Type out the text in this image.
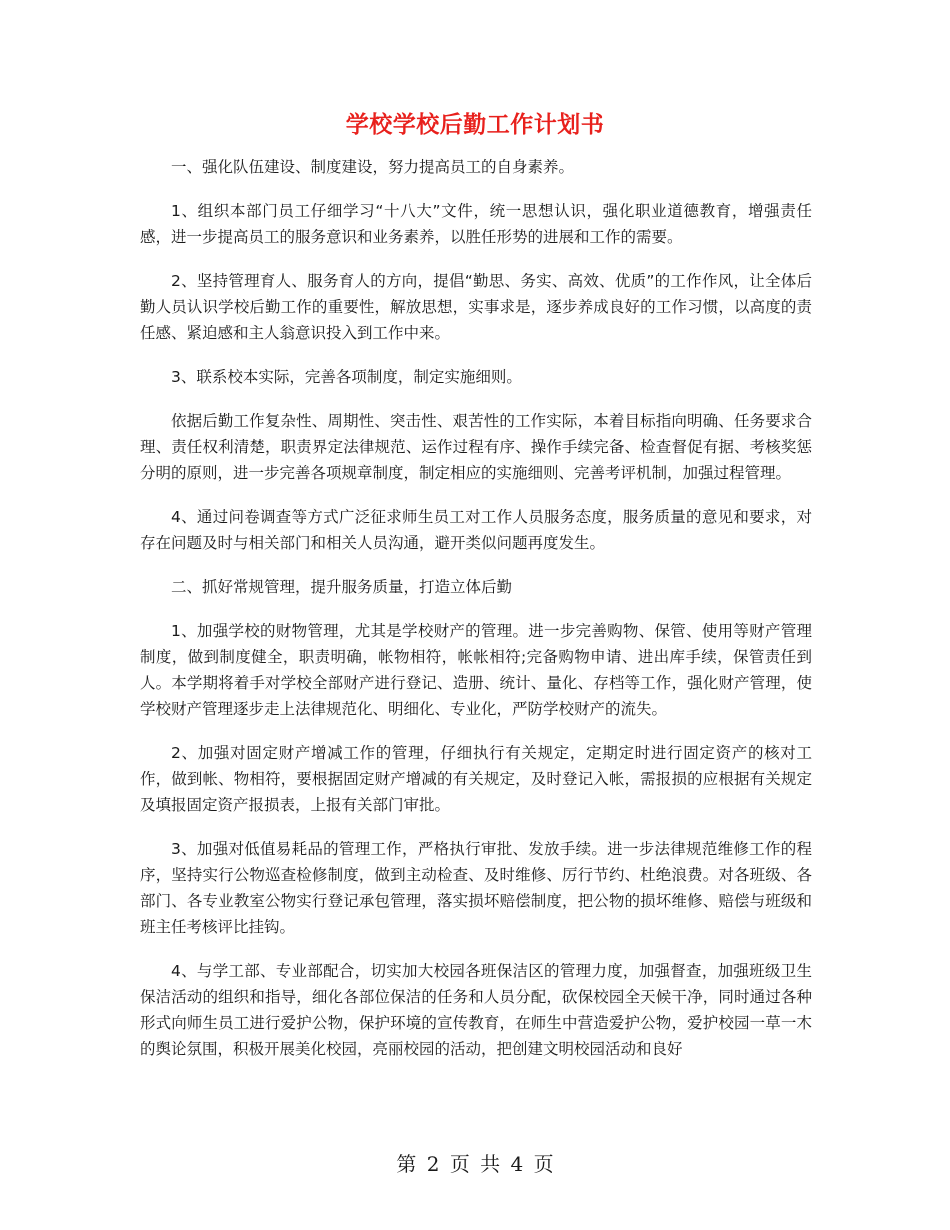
学校学校后勤工作计划书

一、强化队伍建设、制度建设，努力提高员工的自身素养。

1、组织本部门员工仔细学习“十八大”文件，统一思想认识，强化职业道德教育，增强责任感，进一步提高员工的服务意识和业务素养，以胜任形势的进展和工作的需要。

2、坚持管理育人、服务育人的方向，提倡“勤思、务实、高效、优质”的工作作风，让全体后勤人员认识学校后勤工作的重要性，解放思想，实事求是，逐步养成良好的工作习惯，以高度的责任感、紧迫感和主人翁意识投入到工作中来。

3、联系校本实际，完善各项制度，制定实施细则。

依据后勤工作复杂性、周期性、突击性、艰苦性的工作实际，本着目标指向明确、任务要求合理、责任权利清楚，职责界定法律规范、运作过程有序、操作手续完备、检查督促有据、考核奖惩分明的原则，进一步完善各项规章制度，制定相应的实施细则、完善考评机制，加强过程管理。

4、通过问卷调查等方式广泛征求师生员工对工作人员服务态度，服务质量的意见和要求，对存在问题及时与相关部门和相关人员沟通，避开类似问题再度发生。

二、抓好常规管理，提升服务质量，打造立体后勤

1、加强学校的财物管理，尤其是学校财产的管理。进一步完善购物、保管、使用等财产管理制度，做到制度健全，职责明确，帐物相符，帐帐相符;完备购物申请、进出库手续，保管责任到人。本学期将着手对学校全部财产进行登记、造册、统计、量化、存档等工作，强化财产管理，使学校财产管理逐步走上法律规范化、明细化、专业化，严防学校财产的流失。

2、加强对固定财产增减工作的管理，仔细执行有关规定，定期定时进行固定资产的核对工作，做到帐、物相符，要根据固定财产增减的有关规定，及时登记入帐，需报损的应根据有关规定及填报固定资产报损表，上报有关部门审批。

3、加强对低值易耗品的管理工作，严格执行审批、发放手续。进一步法律规范维修工作的程序，坚持实行公物巡查检修制度，做到主动检查、及时维修、厉行节约、杜绝浪费。对各班级、各部门、各专业教室公物实行登记承包管理，落实损坏赔偿制度，把公物的损坏维修、赔偿与班级和班主任考核评比挂钩。

4、与学工部、专业部配合，切实加大校园各班保洁区的管理力度，加强督查，加强班级卫生保洁活动的组织和指导，细化各部位保洁的任务和人员分配，砍保校园全天候干净，同时通过各种形式向师生员工进行爱护公物，保护环境的宣传教育，在师生中营造爱护公物，爱护校园一草一木的舆论氛围，积极开展美化校园，亮丽校园的活动，把创建文明校园活动和良好

第 2 页 共 4 页
